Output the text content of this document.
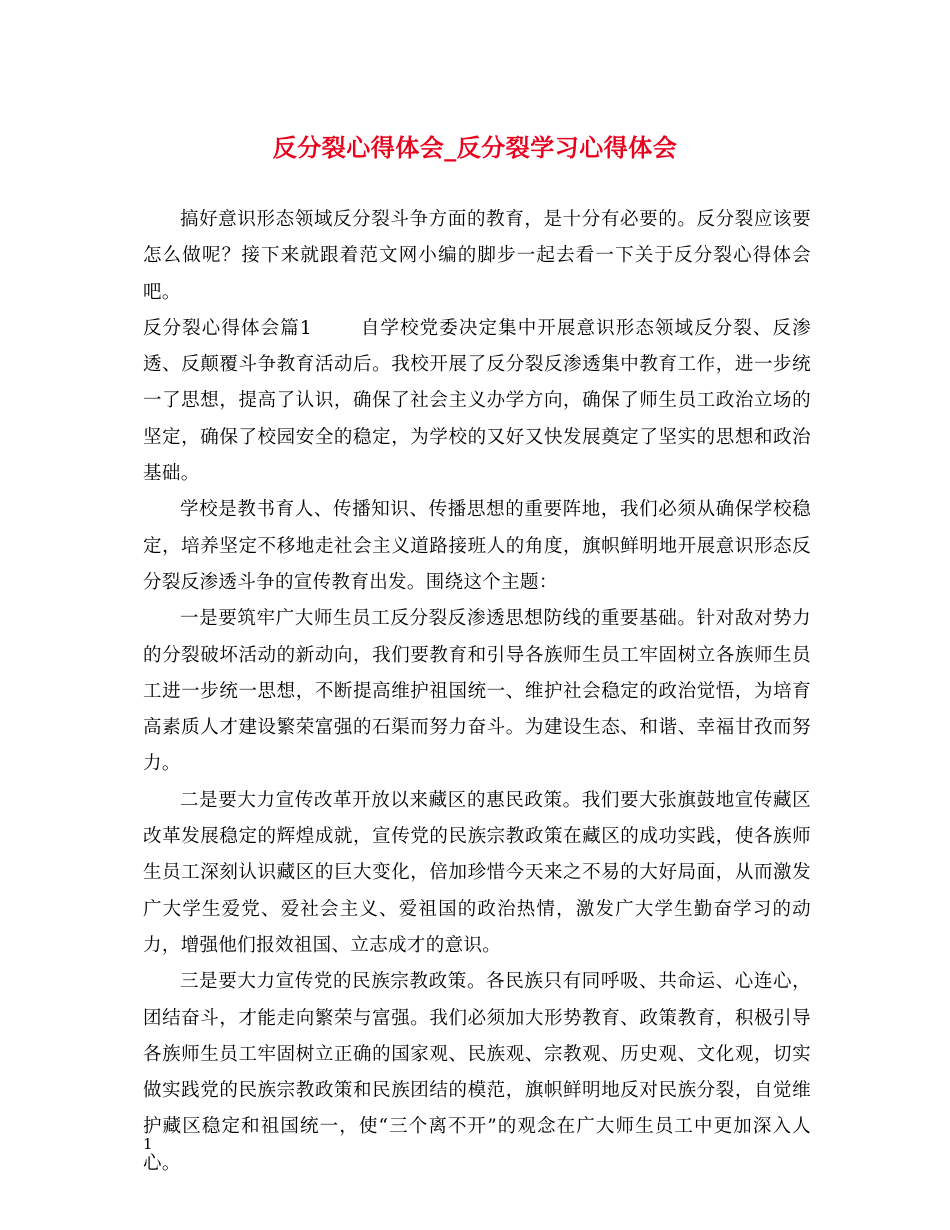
反分裂心得体会_反分裂学习心得体会

搞好意识形态领域反分裂斗争方面的教育，是十分有必要的。反分裂应该要怎么做呢？接下来就跟着范文网小编的脚步一起去看一下关于反分裂心得体会吧。

反分裂心得体会篇1	自学校党委决定集中开展意识形态领域反分裂、反渗透、反颠覆斗争教育活动后。我校开展了反分裂反渗透集中教育工作，进一步统一了思想，提高了认识，确保了社会主义办学方向，确保了师生员工政治立场的坚定，确保了校园安全的稳定，为学校的又好又快发展奠定了坚实的思想和政治基础。

学校是教书育人、传播知识、传播思想的重要阵地，我们必须从确保学校稳定，培养坚定不移地走社会主义道路接班人的角度，旗帜鲜明地开展意识形态反分裂反渗透斗争的宣传教育出发。围绕这个主题：

一是要筑牢广大师生员工反分裂反渗透思想防线的重要基础。针对敌对势力的分裂破坏活动的新动向，我们要教育和引导各族师生员工牢固树立各族师生员工进一步统一思想，不断提高维护祖国统一、维护社会稳定的政治觉悟，为培育高素质人才建设繁荣富强的石渠而努力奋斗。为建设生态、和谐、幸福甘孜而努力。

二是要大力宣传改革开放以来藏区的惠民政策。我们要大张旗鼓地宣传藏区改革发展稳定的辉煌成就，宣传党的民族宗教政策在藏区的成功实践，使各族师生员工深刻认识藏区的巨大变化，倍加珍惜今天来之不易的大好局面，从而激发广大学生爱党、爱社会主义、爱祖国的政治热情，激发广大学生勤奋学习的动力，增强他们报效祖国、立志成才的意识。

三是要大力宣传党的民族宗教政策。各民族只有同呼吸、共命运、心连心，团结奋斗，才能走向繁荣与富强。我们必须加大形势教育、政策教育，积极引导各族师生员工牢固树立正确的国家观、民族观、宗教观、历史观、文化观，切实做实践党的民族宗教政策和民族团结的模范，旗帜鲜明地反对民族分裂，自觉维护藏区稳定和祖国统一，使“三个离不开”的观念在广大师生员工中更加深入人心。

1
